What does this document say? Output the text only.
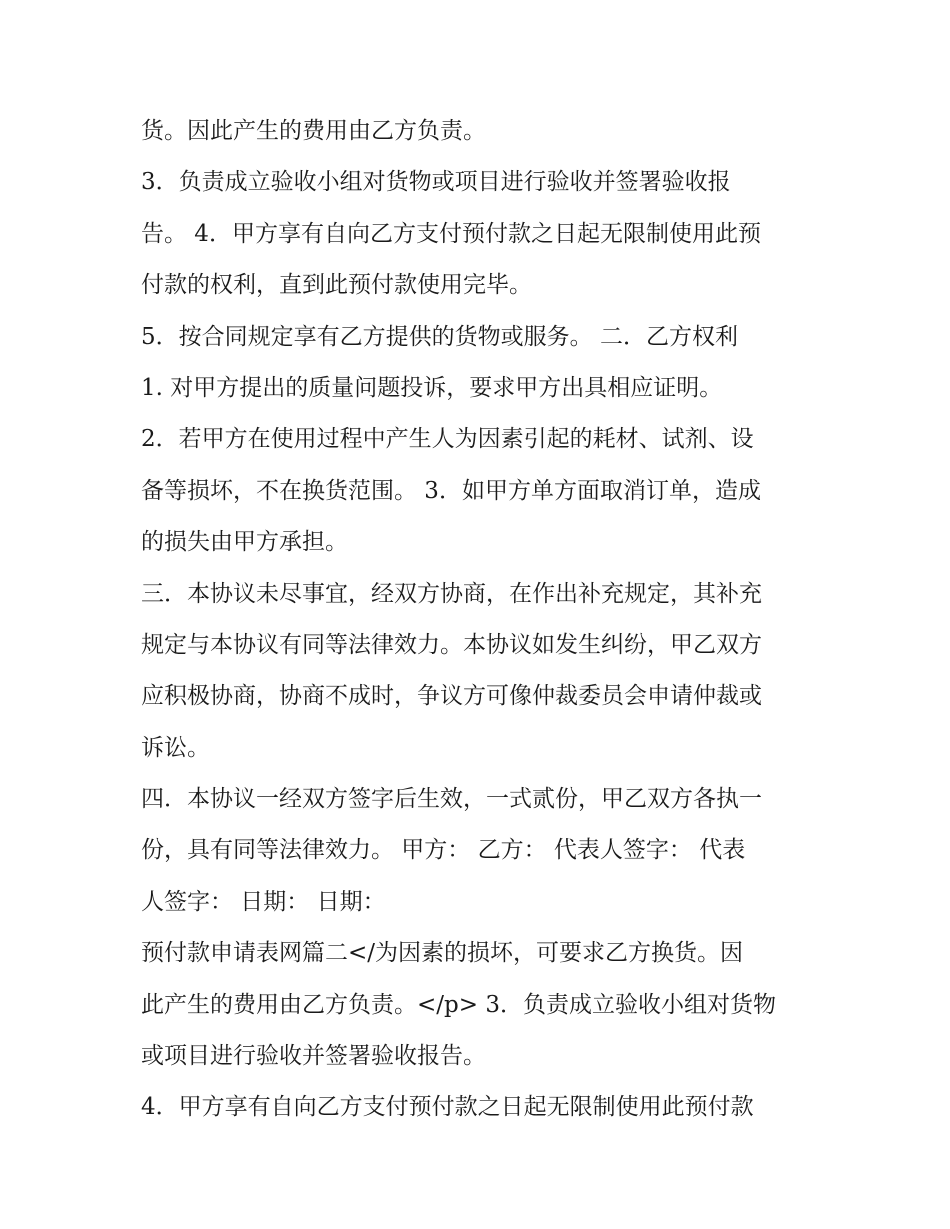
货。因此产生的费用由乙方负责。
3．负责成立验收小组对货物或项目进行验收并签署验收报
告。 4．甲方享有自向乙方支付预付款之日起无限制使用此预
付款的权利，直到此预付款使用完毕。
5．按合同规定享有乙方提供的货物或服务。 二．乙方权利
1. 对甲方提出的质量问题投诉，要求甲方出具相应证明。
2．若甲方在使用过程中产生人为因素引起的耗材、试剂、设
备等损坏，不在换货范围。 3．如甲方单方面取消订单，造成
的损失由甲方承担。
三．本协议未尽事宜，经双方协商，在作出补充规定，其补充
规定与本协议有同等法律效力。本协议如发生纠纷，甲乙双方
应积极协商，协商不成时，争议方可像仲裁委员会申请仲裁或
诉讼。
四．本协议一经双方签字后生效，一式贰份，甲乙双方各执一
份，具有同等法律效力。 甲方： 乙方： 代表人签字： 代表
人签字： 日期： 日期：
预付款申请表网篇二</为因素的损坏，可要求乙方换货。因
此产生的费用由乙方负责。</p> 3．负责成立验收小组对货物
或项目进行验收并签署验收报告。
4．甲方享有自向乙方支付预付款之日起无限制使用此预付款
